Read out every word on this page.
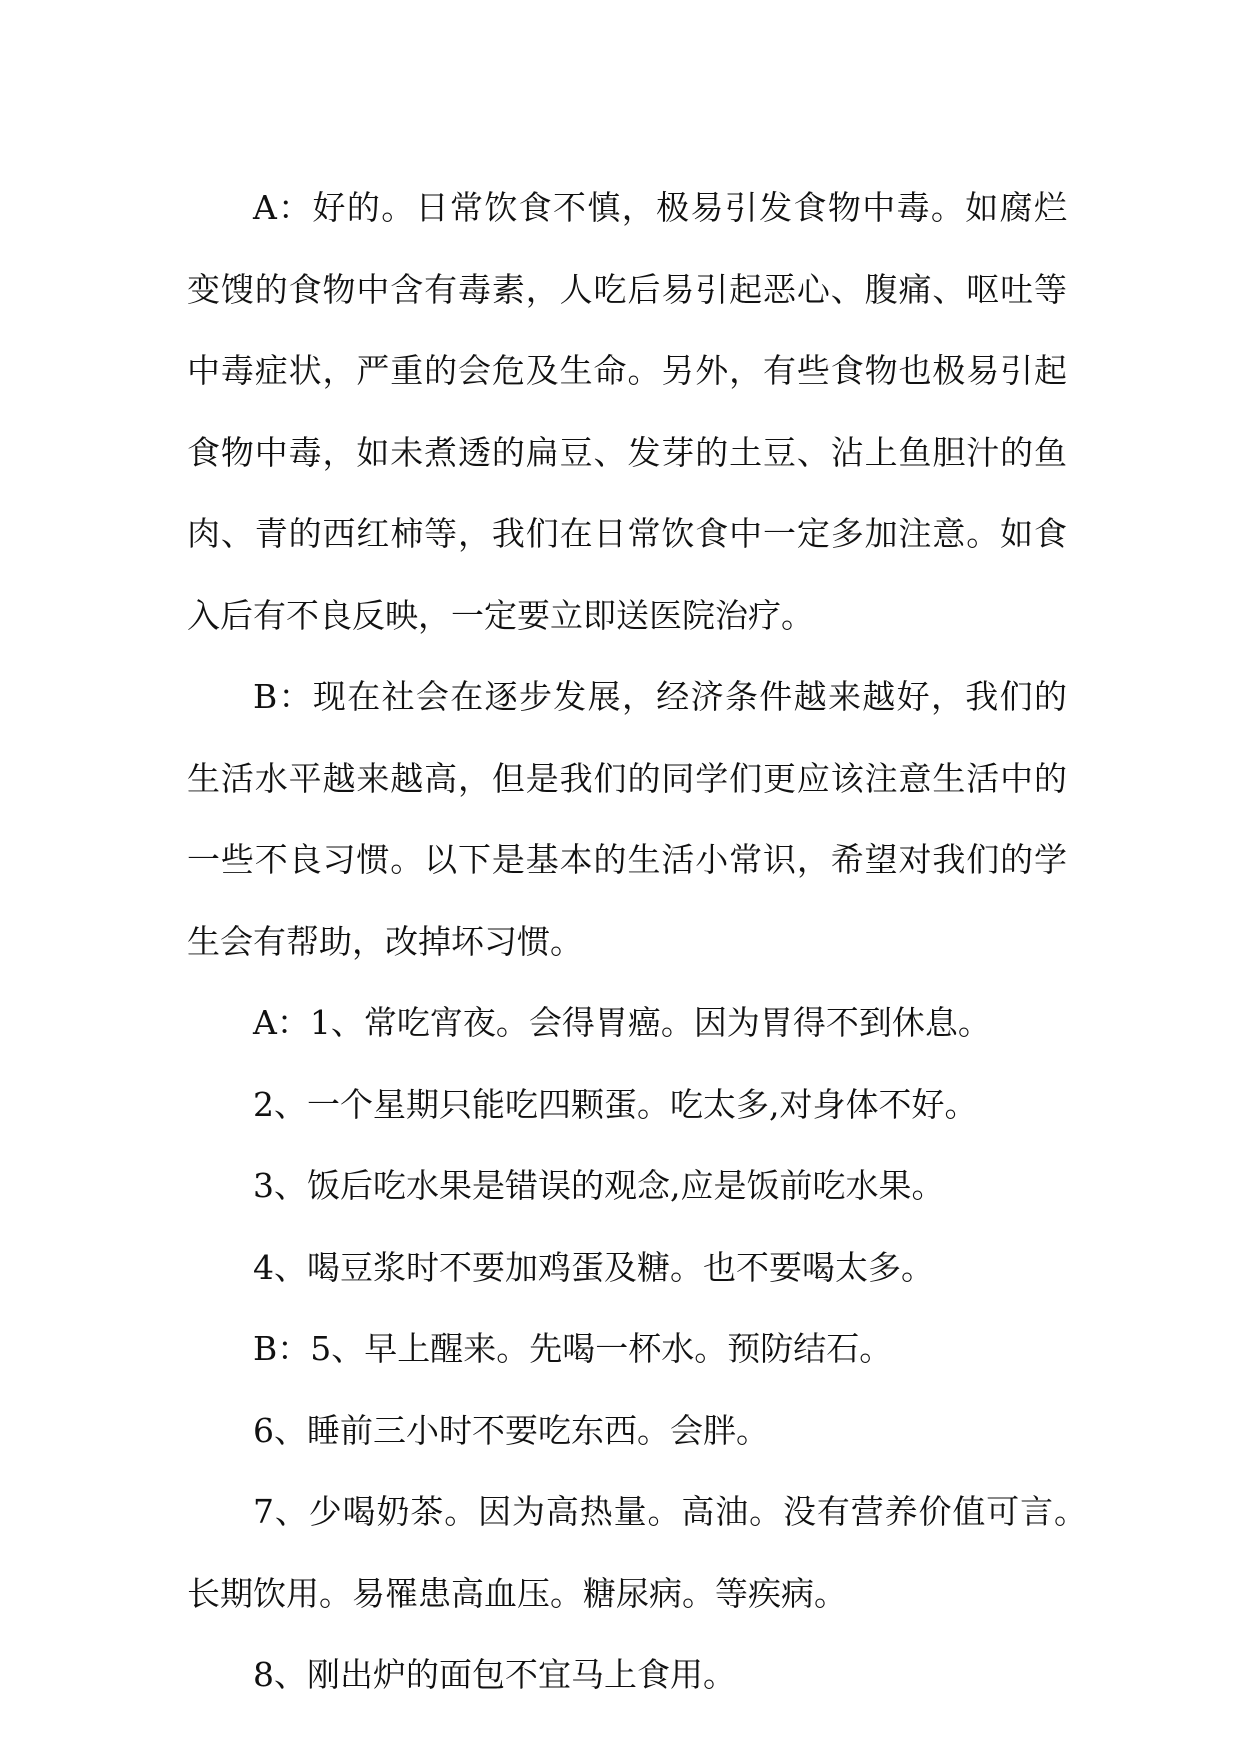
A：好的。日常饮食不慎，极易引发食物中毒。如腐烂变馊的食物中含有毒素，人吃后易引起恶心、腹痛、呕吐等中毒症状，严重的会危及生命。另外，有些食物也极易引起食物中毒，如未煮透的扁豆、发芽的土豆、沾上鱼胆汁的鱼肉、青的西红柿等，我们在日常饮食中一定多加注意。如食入后有不良反映，一定要立即送医院治疗。

B：现在社会在逐步发展，经济条件越来越好，我们的生活水平越来越高，但是我们的同学们更应该注意生活中的一些不良习惯。以下是基本的生活小常识，希望对我们的学生会有帮助，改掉坏习惯。

A：1、常吃宵夜。会得胃癌。因为胃得不到休息。

2、一个星期只能吃四颗蛋。吃太多,对身体不好。

3、饭后吃水果是错误的观念,应是饭前吃水果。

4、喝豆浆时不要加鸡蛋及糖。也不要喝太多。

B：5、早上醒来。先喝一杯水。预防结石。

6、睡前三小时不要吃东西。会胖。

7、少喝奶茶。因为高热量。高油。没有营养价值可言。长期饮用。易罹患高血压。糖尿病。等疾病。

8、刚出炉的面包不宜马上食用。
